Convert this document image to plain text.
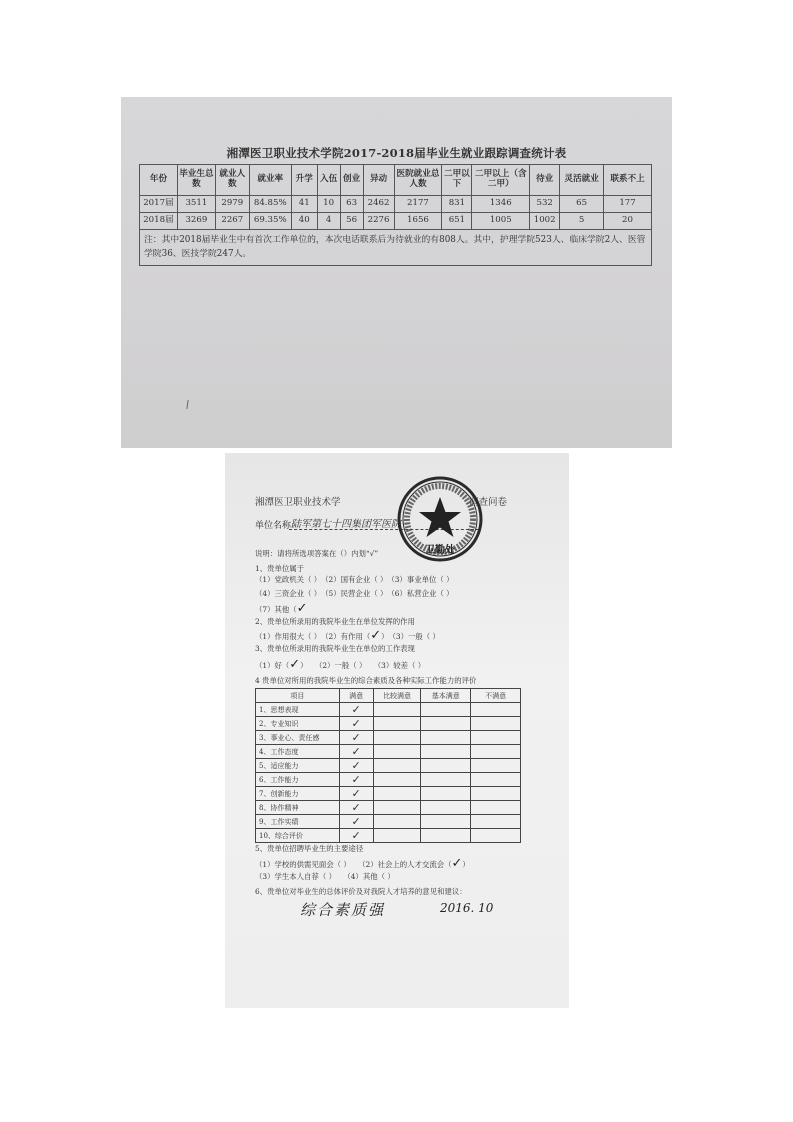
湘潭医卫职业技术学院2017-2018届毕业生就业跟踪调查统计表
年份	毕业生总数	就业人数	就业率	升学	入伍	创业	异动	医院就业总人数	二甲以下	二甲以上（含二甲）	待业	灵活就业	联系不上
2017届	3511	2979	84.85%	41	10	63	2462	2177	831	1346	532	65	177
2018届	3269	2267	69.35%	40	4	56	2276	1656	651	1005	1002	5	20
注：其中2018届毕业生中有首次工作单位的，本次电话联系后为待就业的有808人。其中，护理学院523人、临床学院2人、医管学院36、医技学院247人。													
湘潭医卫职业技术学	调查问卷
单位名称：
陆军第七十四集团军医院
卫勤处
说明：请将所选项答案在（）内划“√”
1、贵单位属于
（1）党政机关（ ）　（2）国有企业（ ）　（3）事业单位（ ）
（4）三资企业（ ）　（5）民营企业（ ）　（6）私营企业（ ）
（7）其他（✓
2、贵单位所录用的我院毕业生在单位发挥的作用
（1）作用很大（ ）　（2）有作用（✓）　（3）一般（ ）
3、贵单位所录用的我院毕业生在单位的工作表现
（1）好（✓）　　（2）一般（ ）　　（3）较差（ ）
4 贵单位对所用的我院毕业生的综合素质及各种实际工作能力的评价
项目	满意	比较满意	基本满意	不满意
1、思想表现	✓			
2、专业知识	✓			
3、事业心、责任感	✓			
4、工作态度	✓			
5、适应能力	✓			
6、工作能力	✓			
7、创新能力	✓			
8、协作精神	✓			
9、工作实绩	✓			
10、综合评价	✓			
5、贵单位招聘毕业生的主要途径
（1）学校的供需见面会（ ）　　（2）社会上的人才交流会（✓）
（3）学生本人自荐（ ）　　（4）其他（ ）
6、贵单位对毕业生的总体评价及对我院人才培养的意见和建议：
综合素质强	2016. 10
